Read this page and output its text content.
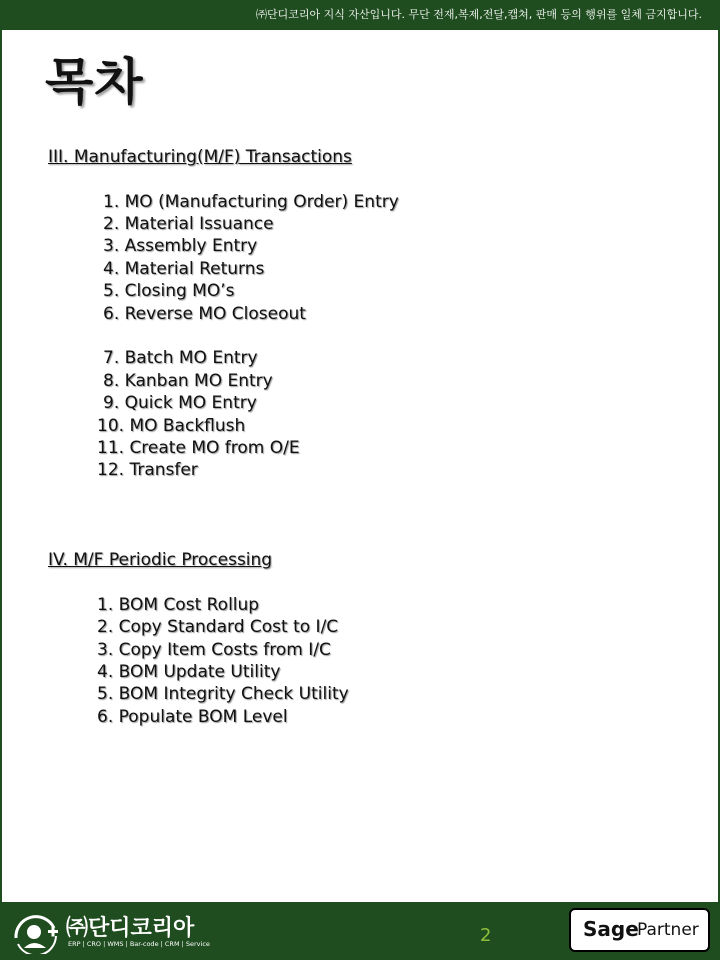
㈜단디코리아 지식 자산입니다. 무단 전재,복제,전달,캡쳐, 판매 등의 행위를 일체 금지합니다.
목차
III. Manufacturing(M/F) Transactions
1. MO (Manufacturing Order) Entry
2. Material Issuance
3. Assembly Entry
4. Material Returns
5. Closing MO’s
6. Reverse MO Closeout
7. Batch MO Entry
8. Kanban MO Entry
9. Quick MO Entry
10. MO Backflush
11. Create MO from O/E
12. Transfer
IV. M/F Periodic Processing
1. BOM Cost Rollup
2. Copy Standard Cost to I/C
3. Copy Item Costs from I/C
4. BOM Update Utility
5. BOM Integrity Check Utility
6. Populate BOM Level
㈜단디코리아
ERP | CRO | WMS | Bar-code | CRM | Service	2	Sage
Partner
